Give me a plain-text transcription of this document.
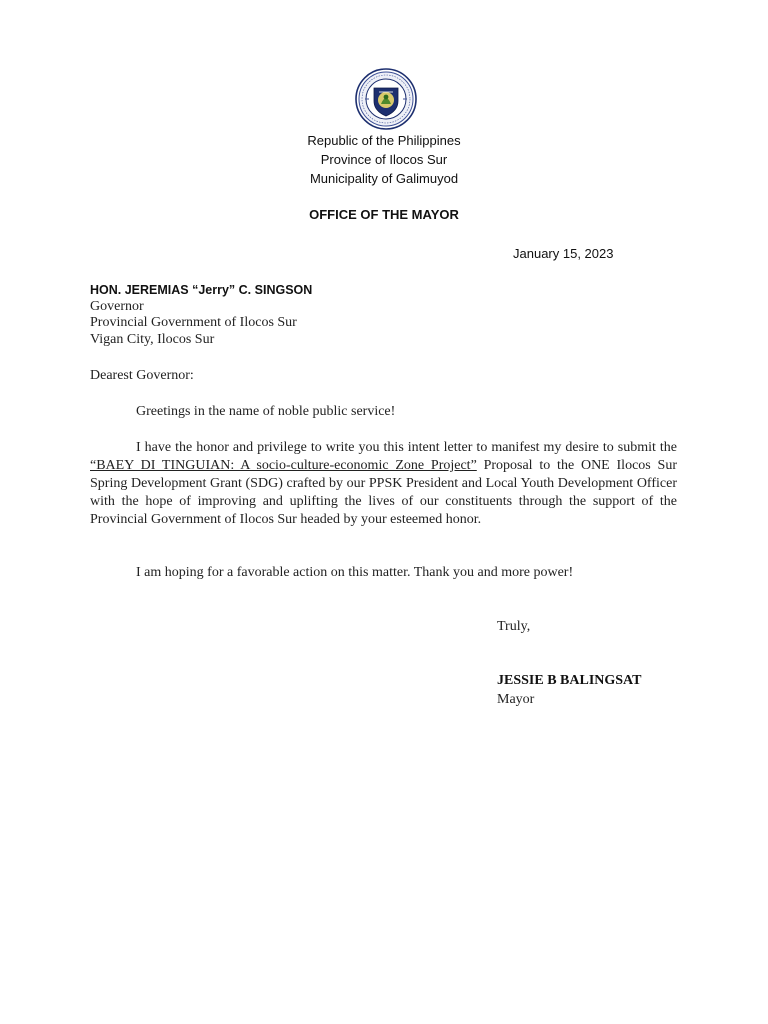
Republic of the Philippines
Province of Ilocos Sur
Municipality of Galimuyod
OFFICE OF THE MAYOR
January 15, 2023
HON. JEREMIAS “Jerry” C. SINGSON
Governor
Provincial Government of Ilocos Sur
Vigan City, Ilocos Sur
Dearest Governor:
Greetings in the name of noble public service!
I have the honor and privilege to write you this intent letter to manifest my desire to submit the “BAEY DI TINGUIAN: A socio-culture-economic Zone Project” Proposal to the ONE Ilocos Sur Spring Development Grant (SDG) crafted by our PPSK President and Local Youth Development Officer with the hope of improving and uplifting the lives of our constituents through the support of the Provincial Government of Ilocos Sur headed by your esteemed honor.
I am hoping for a favorable action on this matter. Thank you and more power!
Truly,
JESSIE B BALINGSAT
Mayor
